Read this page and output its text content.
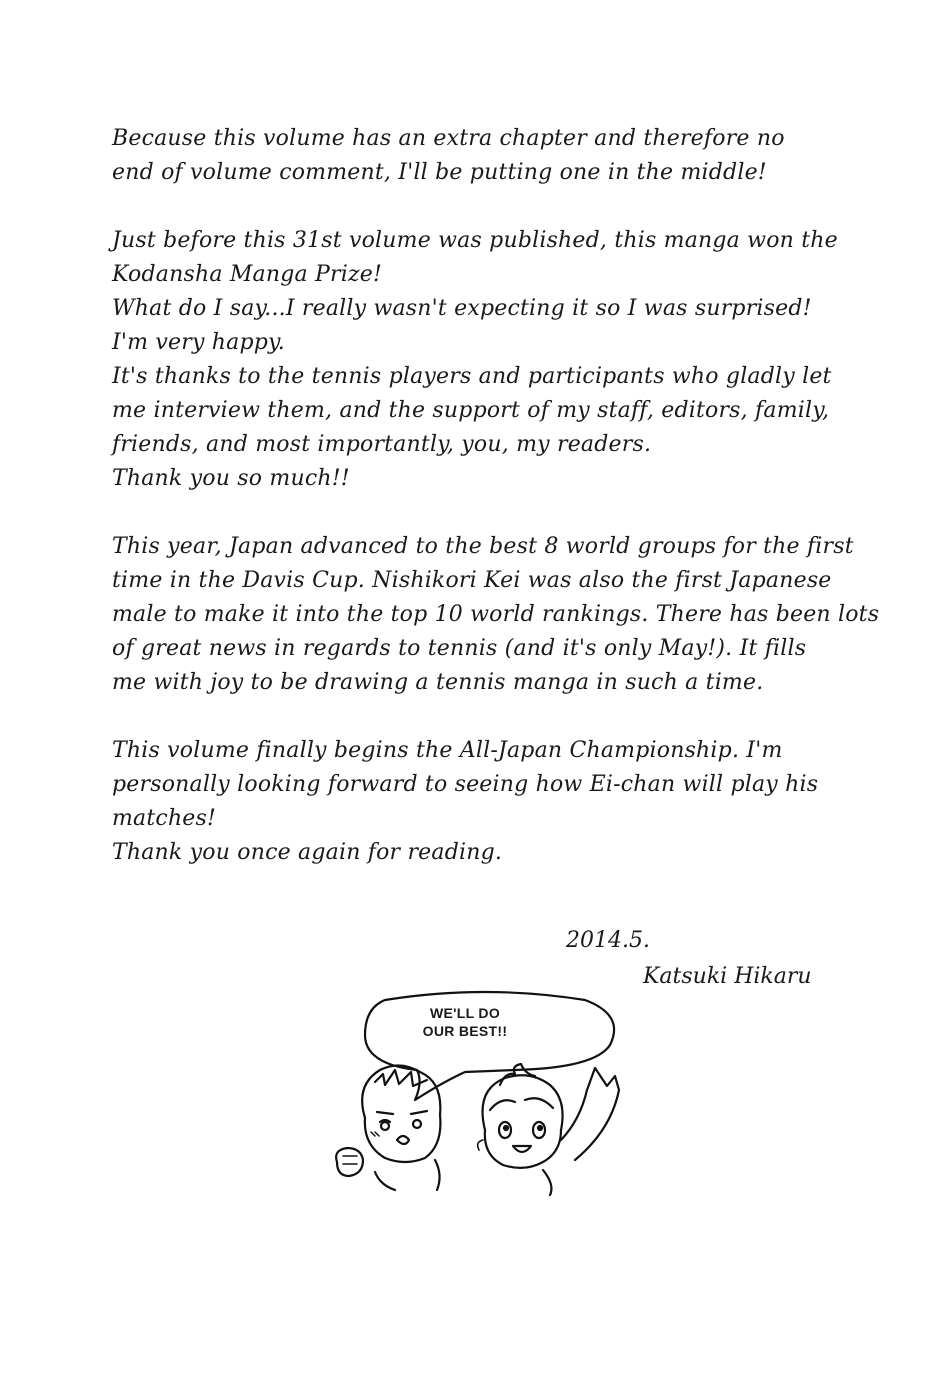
Because this volume has an extra chapter and therefore no
end of volume comment, I'll be putting one in the middle!
Just before this 31st volume was published, this manga won the
Kodansha Manga Prize!
What do I say...I really wasn't expecting it so I was surprised!
I'm very happy.
It's thanks to the tennis players and participants who gladly let
me interview them, and the support of my staff, editors, family,
friends, and most importantly, you, my readers.
Thank you so much!!
This year, Japan advanced to the best 8 world groups for the first
time in the Davis Cup. Nishikori Kei was also the first Japanese
male to make it into the top 10 world rankings. There has been lots
of great news in regards to tennis (and it's only May!). It fills
me with joy to be drawing a tennis manga in such a time.
This volume finally begins the All-Japan Championship. I'm
personally looking forward to seeing how Ei-chan will play his
matches!
Thank you once again for reading.
2014.5.
Katsuki Hikaru
WE'LL DO
OUR BEST!!
